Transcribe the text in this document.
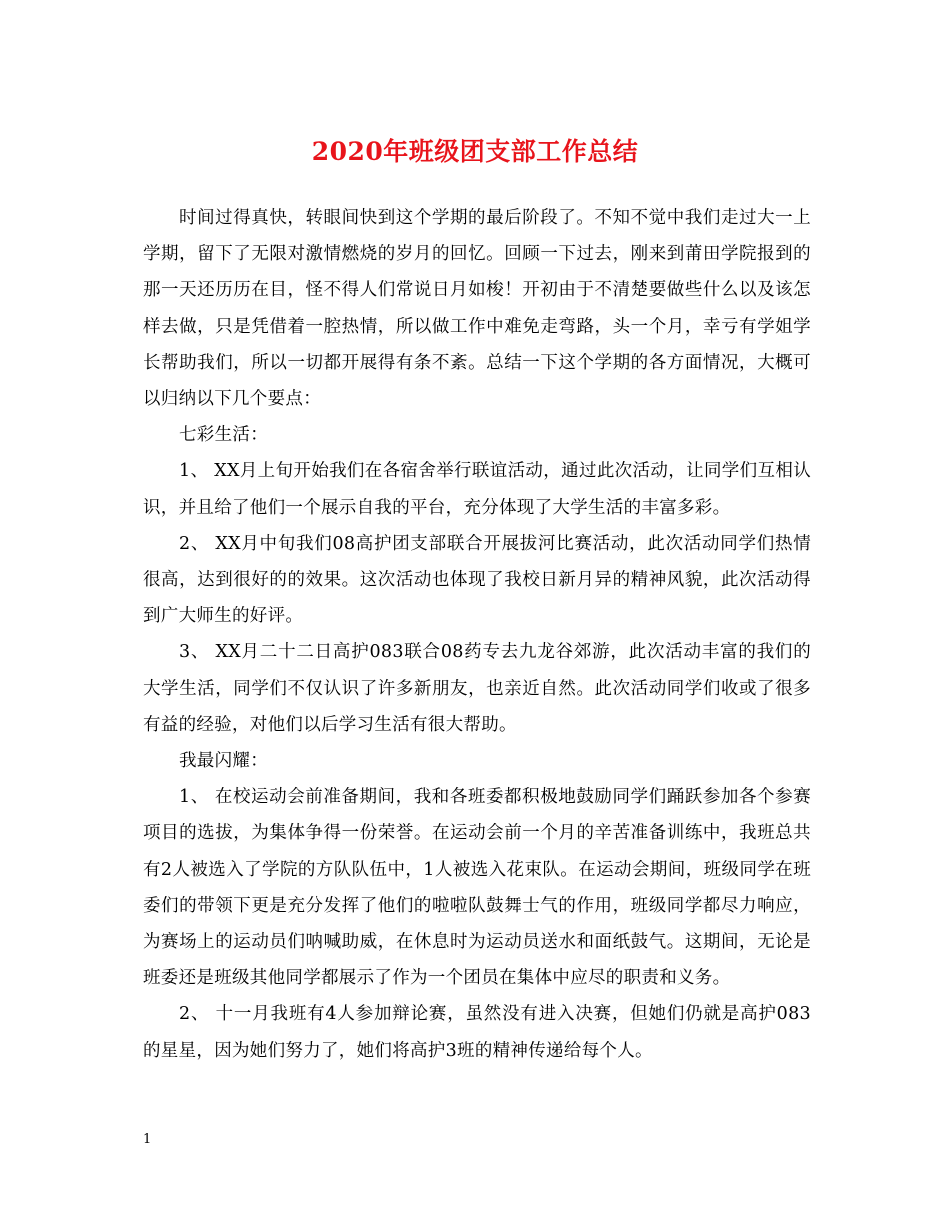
2020年班级团支部工作总结

时间过得真快，转眼间快到这个学期的最后阶段了。不知不觉中我们走过大一上学期，留下了无限对激情燃烧的岁月的回忆。回顾一下过去，刚来到莆田学院报到的那一天还历历在目，怪不得人们常说日月如梭！开初由于不清楚要做些什么以及该怎样去做，只是凭借着一腔热情，所以做工作中难免走弯路，头一个月，幸亏有学姐学长帮助我们，所以一切都开展得有条不紊。总结一下这个学期的各方面情况，大概可以归纳以下几个要点：

七彩生活：

1、 XX月上旬开始我们在各宿舍举行联谊活动，通过此次活动，让同学们互相认识，并且给了他们一个展示自我的平台，充分体现了大学生活的丰富多彩。

2、 XX月中旬我们08高护团支部联合开展拔河比赛活动，此次活动同学们热情很高，达到很好的的效果。这次活动也体现了我校日新月异的精神风貌，此次活动得到广大师生的好评。

3、 XX月二十二日高护083联合08药专去九龙谷郊游，此次活动丰富的我们的大学生活，同学们不仅认识了许多新朋友，也亲近自然。此次活动同学们收或了很多有益的经验，对他们以后学习生活有很大帮助。

我最闪耀：

1、 在校运动会前准备期间，我和各班委都积极地鼓励同学们踊跃参加各个参赛项目的选拔，为集体争得一份荣誉。在运动会前一个月的辛苦准备训练中，我班总共有2人被选入了学院的方队队伍中，1人被选入花束队。在运动会期间，班级同学在班委们的带领下更是充分发挥了他们的啦啦队鼓舞士气的作用，班级同学都尽力响应，为赛场上的运动员们呐喊助威，在休息时为运动员送水和面纸鼓气。这期间，无论是班委还是班级其他同学都展示了作为一个团员在集体中应尽的职责和义务。

2、 十一月我班有4人参加辩论赛，虽然没有进入决赛，但她们仍就是高护083的星星，因为她们努力了，她们将高护3班的精神传递给每个人。

1
